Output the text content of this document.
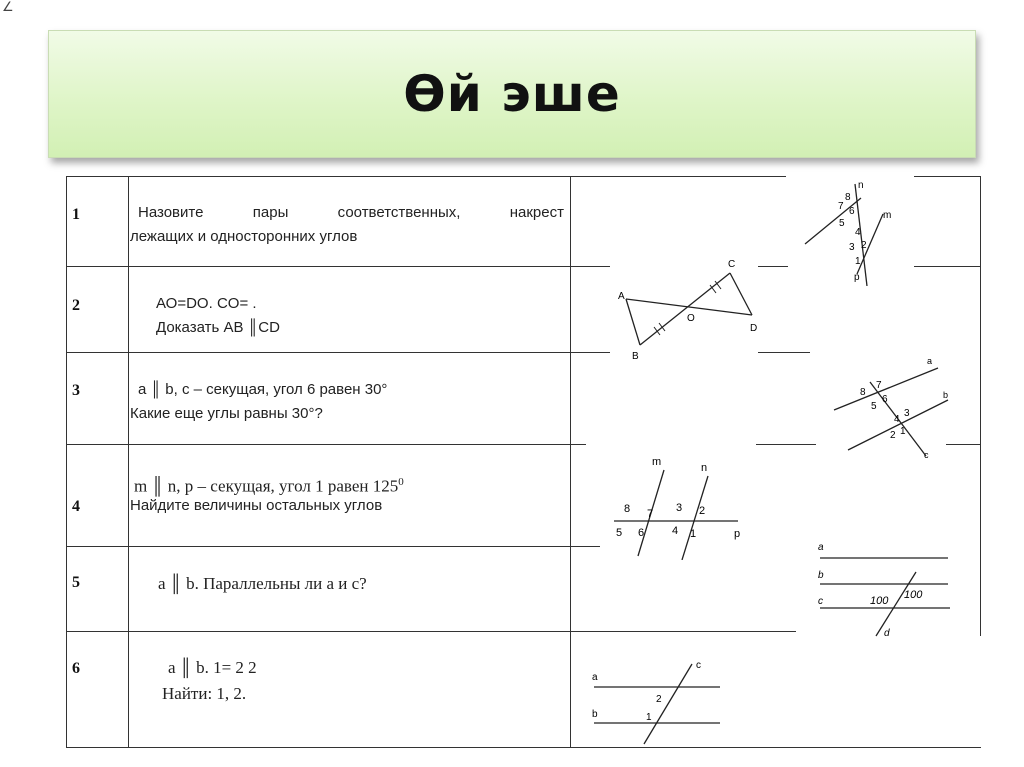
∠
Өй эше
1	Назовите пары соответственных, накрест
лежащих и односторонних углов
2	АО=DO. CO= .
Доказать АВ ║CD
3	а ║ b, с – секущая, угол 6 равен 30°
Какие еще углы равны 30°?
4
m ║ n, p – секущая, угол 1 равен $125^0$
Найдите величины остальных углов
5	а ║ b. Параллельны ли а и с?
6	а ║ b. 1= 2 2
Найти: 1, 2.
n
8
7 6
5
m
4
3 2
1
p
A
C
O
D
B	a
8
7
5
6	b
4
3
2 1
c
m	n
8 7 3 2
5 6	4 1	p
a
b
c	100 100
d
c
a
2
b	1
